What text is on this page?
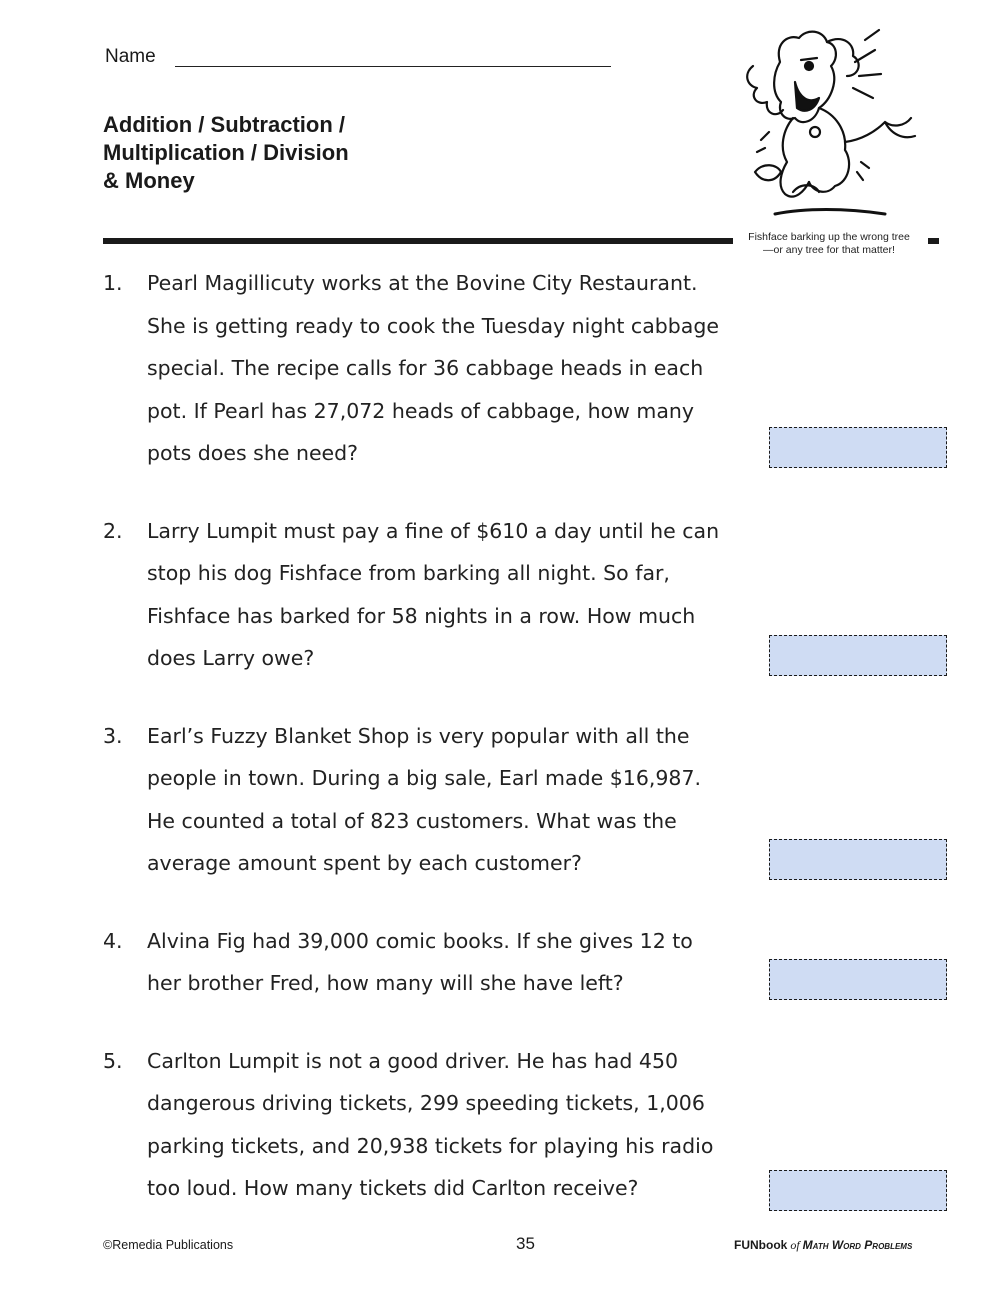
Name
Addition / Subtraction /
Multiplication / Division
& Money
Fishface barking up the wrong tree
—or any tree for that matter!
1.	Pearl Magillicuty works at the Bovine City Restaurant.
She is getting ready to cook the Tuesday night cabbage
special. The recipe calls for 36 cabbage heads in each
pot. If Pearl has 27,072 heads of cabbage, how many
pots does she need?
2.	Larry Lumpit must pay a fine of $610 a day until he can
stop his dog Fishface from barking all night. So far,
Fishface has barked for 58 nights in a row. How much
does Larry owe?
3.	Earl’s Fuzzy Blanket Shop is very popular with all the
people in town. During a big sale, Earl made $16,987.
He counted a total of 823 customers. What was the
average amount spent by each customer?
4.	Alvina Fig had 39,000 comic books. If she gives 12 to
her brother Fred, how many will she have left?
5.	Carlton Lumpit is not a good driver. He has had 450
dangerous driving tickets, 299 speeding tickets, 1,006
parking tickets, and 20,938 tickets for playing his radio
too loud. How many tickets did Carlton receive?
©Remedia Publications	35	FUNbook of Math Word Problems
